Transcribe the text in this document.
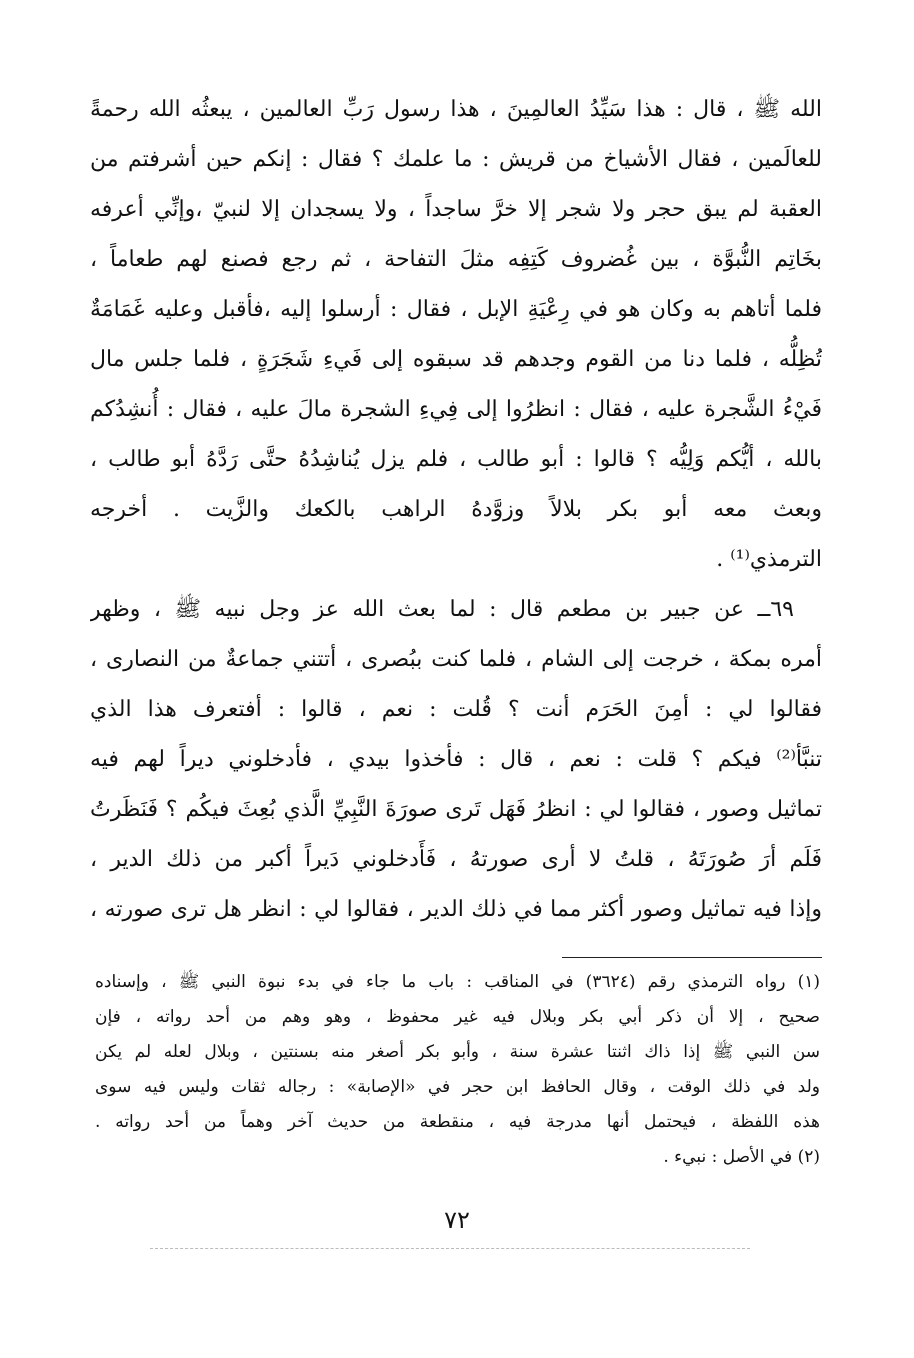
الله ﷺ ، قال : هذا سَيِّدُ العالمِينَ ، هذا رسول رَبِّ العالمين ، يبعثُه الله رحمةً
للعالَمين ، فقال الأشياخ من قريش : ما علمك ؟ فقال : إنكم حين أشرفتم من
العقبة لم يبق حجر ولا شجر إلا خرَّ ساجداً ، ولا يسجدان إلا لنبيّ ،وإنِّي أعرفه
بخَاتِم النُّبوَّة ، بين غُضروف كَتِفِه مثلَ التفاحة ، ثم رجع فصنع لهم طعاماً ،
فلما أتاهم به وكان هو في رِعْيَةِ الإبل ، فقال : أرسلوا إليه ،فأقبل وعليه غَمَامَةٌ
تُظِلُّه ، فلما دنا من القوم وجدهم قد سبقوه إلى فَيءِ شَجَرَةٍ ، فلما جلس مال
فَيْءُ الشَّجرة عليه ، فقال : انظرُوا إلى فِيءِ الشجرة مالَ عليه ، فقال : أُنشِدُكم
بالله ، أيُّكم وَلِيُّه ؟ قالوا : أبو طالب ، فلم يزل يُناشِدُهُ حتَّى رَدَّهُ أبو طالب ،
وبعث معه أبو بكر بلالاً وزوَّدهُ الراهب بالكعك والزَّيت . أخرجه
الترمذي⁽¹⁾ .
٦٩ــ عن جبير بن مطعم قال : لما بعث الله عز وجل نبيه ﷺ ، وظهر
أمره بمكة ، خرجت إلى الشام ، فلما كنت ببُصرى ، أتتني جماعةٌ من النصارى ،
فقالوا لي : أمِنَ الحَرَم أنت ؟ قُلت : نعم ، قالوا : أفتعرف هذا الذي
تنبَّأ⁽²⁾ فيكم ؟ قلت : نعم ، قال : فأخذوا بيدي ، فأدخلوني ديراً لهم فيه
تماثيل وصور ، فقالوا لي : انظرُ فَهَل تَرى صورَةَ النَّبِيِّ الَّذي بُعِثَ فيكُم ؟ فَنَظَرتُ
فَلَم أرَ صُورَتَهُ ، قلتُ لا أرى صورتهُ ، فَأَدخلوني دَيراً أكبر من ذلك الدير ،
وإذا فيه تماثيل وصور أكثر مما في ذلك الدير ، فقالوا لي : انظر هل ترى صورته ،
(١) رواه الترمذي رقم (٣٦٢٤) في المناقب : باب ما جاء في بدء نبوة النبي ﷺ ، وإسناده
صحيح ، إلا أن ذكر أبي بكر وبلال فيه غير محفوظ ، وهو وهم من أحد رواته ، فإن
سن النبي ﷺ إذا ذاك اثنتا عشرة سنة ، وأبو بكر أصغر منه بسنتين ، وبلال لعله لم يكن
ولد في ذلك الوقت ، وقال الحافظ ابن حجر في «الإصابة» : رجاله ثقات وليس فيه سوى
هذه اللفظة ، فيحتمل أنها مدرجة فيه ، منقطعة من حديث آخر وهماً من أحد رواته .
(٢) في الأصل : نبيء .
٧٢
